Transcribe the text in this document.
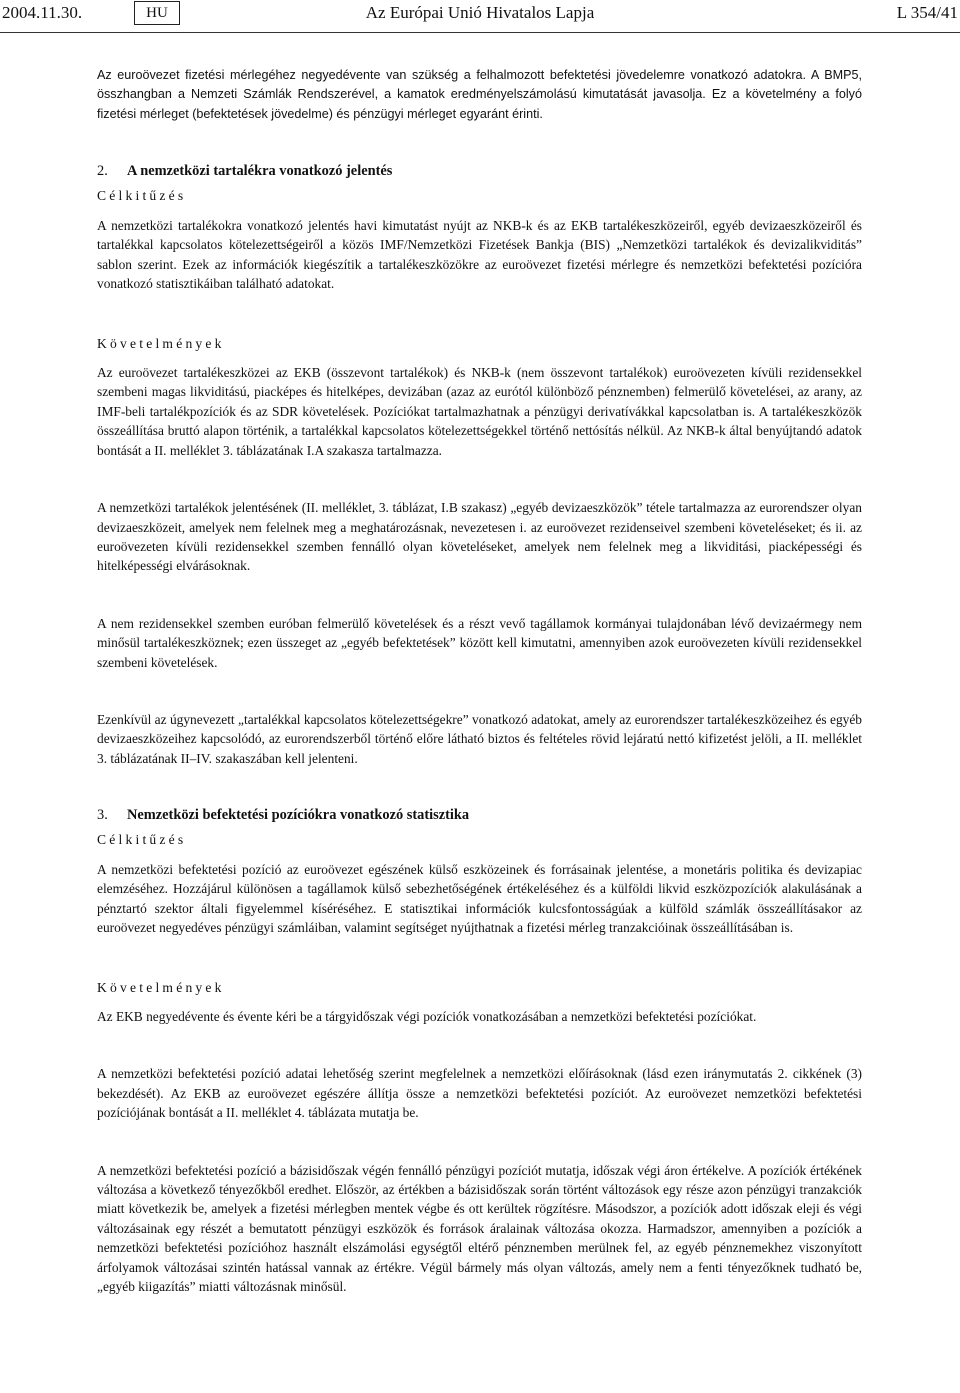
2004.11.30.	HU	Az Európai Unió Hivatalos Lapja	L 354/41

Az euroövezet fizetési mérlegéhez negyedévente van szükség a felhalmozott befektetési jövedelemre vonatkozó adatokra. A BMP5, összhangban a Nemzeti Számlák Rendszerével, a kamatok eredményelszámolású kimutatását javasolja. Ez a követelmény a folyó fizetési mérleget (befektetések jövedelme) és pénzügyi mérleget egyaránt érinti.

2. A nemzetközi tartalékra vonatkozó jelentés

Célkitűzés

A nemzetközi tartalékokra vonatkozó jelentés havi kimutatást nyújt az NKB-k és az EKB tartalékeszközeiről, egyéb devizaeszközeiről és tartalékkal kapcsolatos kötelezettségeiről a közös IMF/Nemzetközi Fizetések Bankja (BIS) „Nemzetközi tartalékok és devizalikviditás” sablon szerint. Ezek az információk kiegészítik a tartalékeszközökre az euroövezet fizetési mérlegre és nemzetközi befektetési pozícióra vonatkozó statisztikáiban található adatokat.

Követelmények

Az euroövezet tartalékeszközei az EKB (összevont tartalékok) és NKB-k (nem összevont tartalékok) euroövezeten kívüli rezidensekkel szembeni magas likviditású, piacképes és hitelképes, devizában (azaz az eurótól különböző pénznemben) felmerülő követelései, az arany, az IMF-beli tartalékpozíciók és az SDR követelések. Pozíciókat tartalmazhatnak a pénzügyi derivatívákkal kapcsolatban is. A tartalékeszközök összeállítása bruttó alapon történik, a tartalékkal kapcsolatos kötelezettségekkel történő nettósítás nélkül. Az NKB-k által benyújtandó adatok bontását a II. melléklet 3. táblázatának I.A szakasza tartalmazza.

A nemzetközi tartalékok jelentésének (II. melléklet, 3. táblázat, I.B szakasz) „egyéb devizaeszközök” tétele tartalmazza az eurorendszer olyan devizaeszközeit, amelyek nem felelnek meg a meghatározásnak, nevezetesen i. az euroövezet rezidenseivel szembeni követeléseket; és ii. az euroövezeten kívüli rezidensekkel szemben fennálló olyan követeléseket, amelyek nem felelnek meg a likviditási, piacképességi és hitelképességi elvárásoknak.

A nem rezidensekkel szemben euróban felmerülő követelések és a részt vevő tagállamok kormányai tulajdonában lévő devizaérmegy nem minősül tartalékeszköznek; ezen üsszeget az „egyéb befektetések” között kell kimutatni, amennyiben azok euroövezeten kívüli rezidensekkel szembeni követelések.

Ezenkívül az úgynevezett „tartalékkal kapcsolatos kötelezettségekre” vonatkozó adatokat, amely az eurorendszer tartalékeszközeihez és egyéb devizaeszközeihez kapcsolódó, az eurorendszerből történő előre látható biztos és feltételes rövid lejáratú nettó kifizetést jelöli, a II. melléklet 3. táblázatának II–IV. szakaszában kell jelenteni.

3. Nemzetközi befektetési pozíciókra vonatkozó statisztika

Célkitűzés

A nemzetközi befektetési pozíció az euroövezet egészének külső eszközeinek és forrásainak jelentése, a monetáris politika és devizapiac elemzéséhez. Hozzájárul különösen a tagállamok külső sebezhetőségének értékeléséhez és a külföldi likvid eszközpozíciók alakulásának a pénztartó szektor általi figyelemmel kíséréséhez. E statisztikai információk kulcsfontosságúak a külföld számlák összeállításakor az euroövezet negyedéves pénzügyi számláiban, valamint segítséget nyújthatnak a fizetési mérleg tranzakcióinak összeállításában is.

Követelmények

Az EKB negyedévente és évente kéri be a tárgyidőszak végi pozíciók vonatkozásában a nemzetközi befektetési pozíciókat.

A nemzetközi befektetési pozíció adatai lehetőség szerint megfelelnek a nemzetközi előírásoknak (lásd ezen iránymutatás 2. cikkének (3) bekezdését). Az EKB az euroövezet egészére állítja össze a nemzetközi befektetési pozíciót. Az euroövezet nemzetközi befektetési pozíciójának bontását a II. melléklet 4. táblázata mutatja be.

A nemzetközi befektetési pozíció a bázisidőszak végén fennálló pénzügyi pozíciót mutatja, időszak végi áron értékelve. A pozíciók értékének változása a következő tényezőkből eredhet. Először, az értékben a bázisidőszak során történt változások egy része azon pénzügyi tranzakciók miatt következik be, amelyek a fizetési mérlegben mentek végbe és ott kerültek rögzítésre. Másodszor, a pozíciók adott időszak eleji és végi változásainak egy részét a bemutatott pénzügyi eszközök és források áralainak változása okozza. Harmadszor, amennyiben a pozíciók a nemzetközi befektetési pozícióhoz használt elszámolási egységtől eltérő pénznemben merülnek fel, az egyéb pénznemekhez viszonyított árfolyamok változásai szintén hatással vannak az értékre. Végül bármely más olyan változás, amely nem a fenti tényezőknek tudható be, „egyéb kiigazítás” miatti változásnak minősül.
